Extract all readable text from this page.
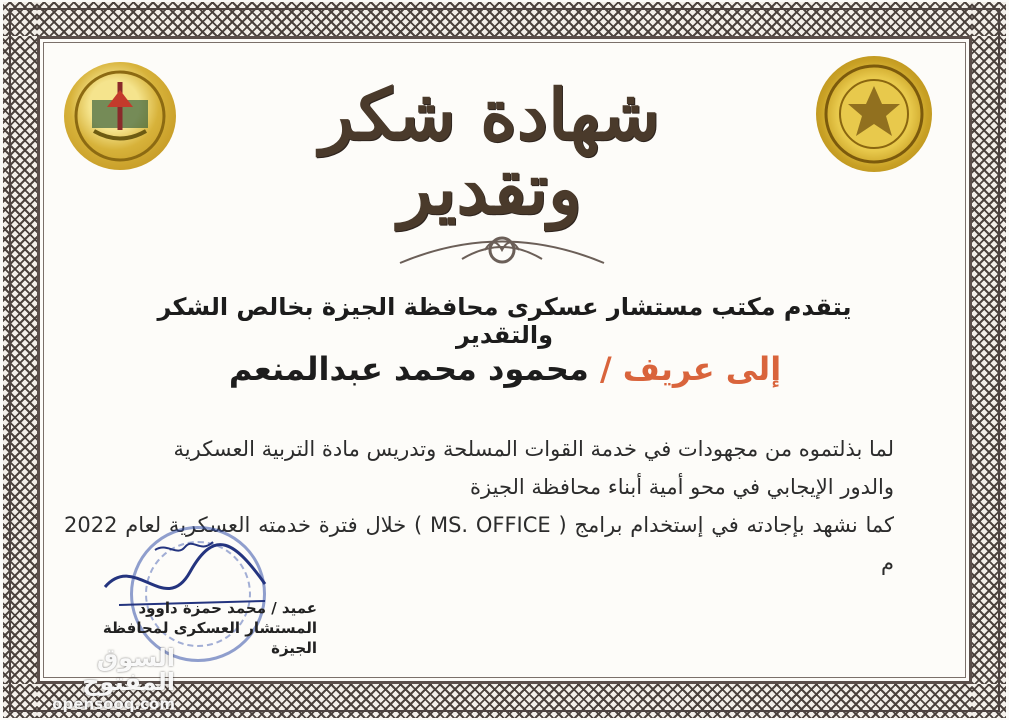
شهادة شكر وتقدير
يتقدم مكتب مستشار عسكرى محافظة الجيزة بخالص الشكر والتقدير
إلى عريف / محمود محمد عبدالمنعم

لما بذلتموه من مجهودات في خدمة القوات المسلحة وتدريس مادة التربية العسكرية

والدور الإيجابي في محو أمية أبناء محافظة الجيزة

كما نشهد بإجادته في إستخدام برامج ( MS. OFFICE ) خلال فترة خدمته العسكرية لعام 2022 م

عميد / محمد حمزة داوود
المستشار العسكرى لمحافظة الجيزة
السوق المفتوح
opensooq.com
